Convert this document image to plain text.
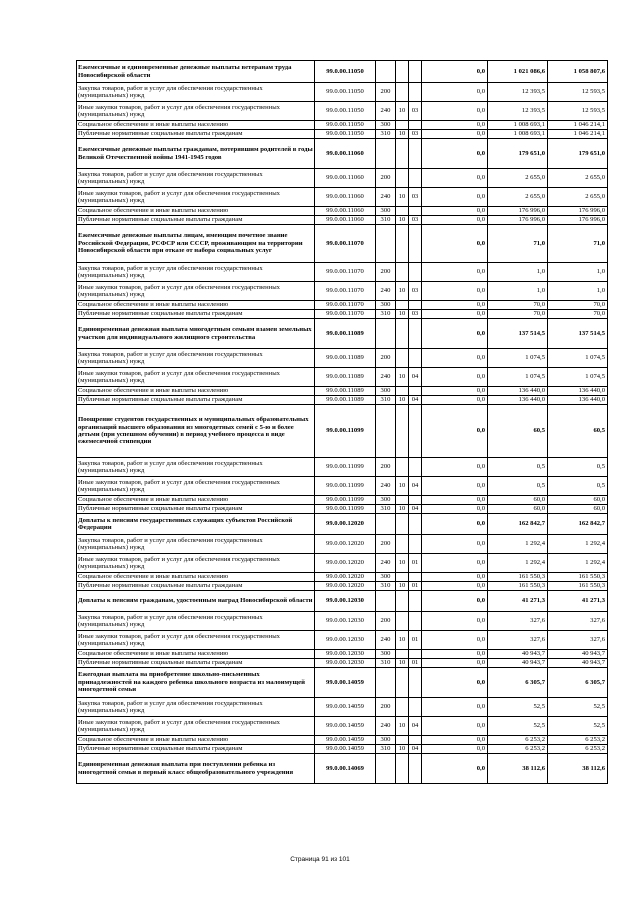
Ежемесячные и единовременные денежные выплаты ветеранам труда Новосибирской области	99.0.00.11050				0,0	1 021 086,6	1 058 807,6
Закупка товаров, работ и услуг для обеспечения государственных (муниципальных) нужд	99.0.00.11050	200			0,0	12 393,5	12 593,5
Иные закупки товаров, работ и услуг для обеспечения государственных (муниципальных) нужд	99.0.00.11050	240	10	03	0,0	12 393,5	12 593,5
Социальное обеспечение и иные выплаты населению	99.0.00.11050	300			0,0	1 008 693,1	1 046 214,1
Публичные нормативные социальные выплаты гражданам	99.0.00.11050	310	10	03	0,0	1 008 693,1	1 046 214,1
Ежемесячные денежные выплаты гражданам, потерявшим родителей в годы Великой Отечественной войны 1941-1945 годов	99.0.00.11060				0,0	179 651,0	179 651,0
Закупка товаров, работ и услуг для обеспечения государственных (муниципальных) нужд	99.0.00.11060	200			0,0	2 655,0	2 655,0
Иные закупки товаров, работ и услуг для обеспечения государственных (муниципальных) нужд	99.0.00.11060	240	10	03	0,0	2 655,0	2 655,0
Социальное обеспечение и иные выплаты населению	99.0.00.11060	300			0,0	176 996,0	176 996,0
Публичные нормативные социальные выплаты гражданам	99.0.00.11060	310	10	03	0,0	176 996,0	176 996,0
Ежемесячные денежные выплаты лицам, имеющим почетное звание Российской Федерации, РСФСР или СССР, проживающим на территории Новосибирской области при отказе от набора социальных услуг	99.0.00.11070				0,0	71,0	71,0
Закупка товаров, работ и услуг для обеспечения государственных (муниципальных) нужд	99.0.00.11070	200			0,0	1,0	1,0
Иные закупки товаров, работ и услуг для обеспечения государственных (муниципальных) нужд	99.0.00.11070	240	10	03	0,0	1,0	1,0
Социальное обеспечение и иные выплаты населению	99.0.00.11070	300			0,0	70,0	70,0
Публичные нормативные социальные выплаты гражданам	99.0.00.11070	310	10	03	0,0	70,0	70,0
Единовременная денежная выплата многодетным семьям взамен земельных участков для индивидуального жилищного строительства	99.0.00.11089				0,0	137 514,5	137 514,5
Закупка товаров, работ и услуг для обеспечения государственных (муниципальных) нужд	99.0.00.11089	200			0,0	1 074,5	1 074,5
Иные закупки товаров, работ и услуг для обеспечения государственных (муниципальных) нужд	99.0.00.11089	240	10	04	0,0	1 074,5	1 074,5
Социальное обеспечение и иные выплаты населению	99.0.00.11089	300			0,0	136 440,0	136 440,0
Публичные нормативные социальные выплаты гражданам	99.0.00.11089	310	10	04	0,0	136 440,0	136 440,0
Поощрение студентов государственных и муниципальных образовательных организаций высшего образования из многодетных семей с 5-ю и более детьми (при успешном обучении) в период учебного процесса в виде ежемесячной стипендии	99.0.00.11099				0,0	60,5	60,5
Закупка товаров, работ и услуг для обеспечения государственных (муниципальных) нужд	99.0.00.11099	200			0,0	0,5	0,5
Иные закупки товаров, работ и услуг для обеспечения государственных (муниципальных) нужд	99.0.00.11099	240	10	04	0,0	0,5	0,5
Социальное обеспечение и иные выплаты населению	99.0.00.11099	300			0,0	60,0	60,0
Публичные нормативные социальные выплаты гражданам	99.0.00.11099	310	10	04	0,0	60,0	60,0
Доплаты к пенсиям государственных служащих субъектов Российской Федерации	99.0.00.12020				0,0	162 842,7	162 842,7
Закупка товаров, работ и услуг для обеспечения государственных (муниципальных) нужд	99.0.00.12020	200			0,0	1 292,4	1 292,4
Иные закупки товаров, работ и услуг для обеспечения государственных (муниципальных) нужд	99.0.00.12020	240	10	01	0,0	1 292,4	1 292,4
Социальное обеспечение и иные выплаты населению	99.0.00.12020	300			0,0	161 550,3	161 550,3
Публичные нормативные социальные выплаты гражданам	99.0.00.12020	310	10	01	0,0	161 550,3	161 550,3
Доплаты к пенсиям гражданам, удостоенным наград Новосибирской области	99.0.00.12030				0,0	41 271,3	41 271,3
Закупка товаров, работ и услуг для обеспечения государственных (муниципальных) нужд	99.0.00.12030	200			0,0	327,6	327,6
Иные закупки товаров, работ и услуг для обеспечения государственных (муниципальных) нужд	99.0.00.12030	240	10	01	0,0	327,6	327,6
Социальное обеспечение и иные выплаты населению	99.0.00.12030	300			0,0	40 943,7	40 943,7
Публичные нормативные социальные выплаты гражданам	99.0.00.12030	310	10	01	0,0	40 943,7	40 943,7
Ежегодная выплата на приобретение школьно-письменных принадлежностей на каждого ребенка школьного возраста из малоимущей многодетной семьи	99.0.00.14059				0,0	6 305,7	6 305,7
Закупка товаров, работ и услуг для обеспечения государственных (муниципальных) нужд	99.0.00.14059	200			0,0	52,5	52,5
Иные закупки товаров, работ и услуг для обеспечения государственных (муниципальных) нужд	99.0.00.14059	240	10	04	0,0	52,5	52,5
Социальное обеспечение и иные выплаты населению	99.0.00.14059	300			0,0	6 253,2	6 253,2
Публичные нормативные социальные выплаты гражданам	99.0.00.14059	310	10	04	0,0	6 253,2	6 253,2
Единовременная денежная выплата при поступлении ребенка из многодетной семьи в первый класс общеобразовательного учреждения	99.0.00.14069				0,0	38 112,6	38 112,6
Страница 91 из 101
